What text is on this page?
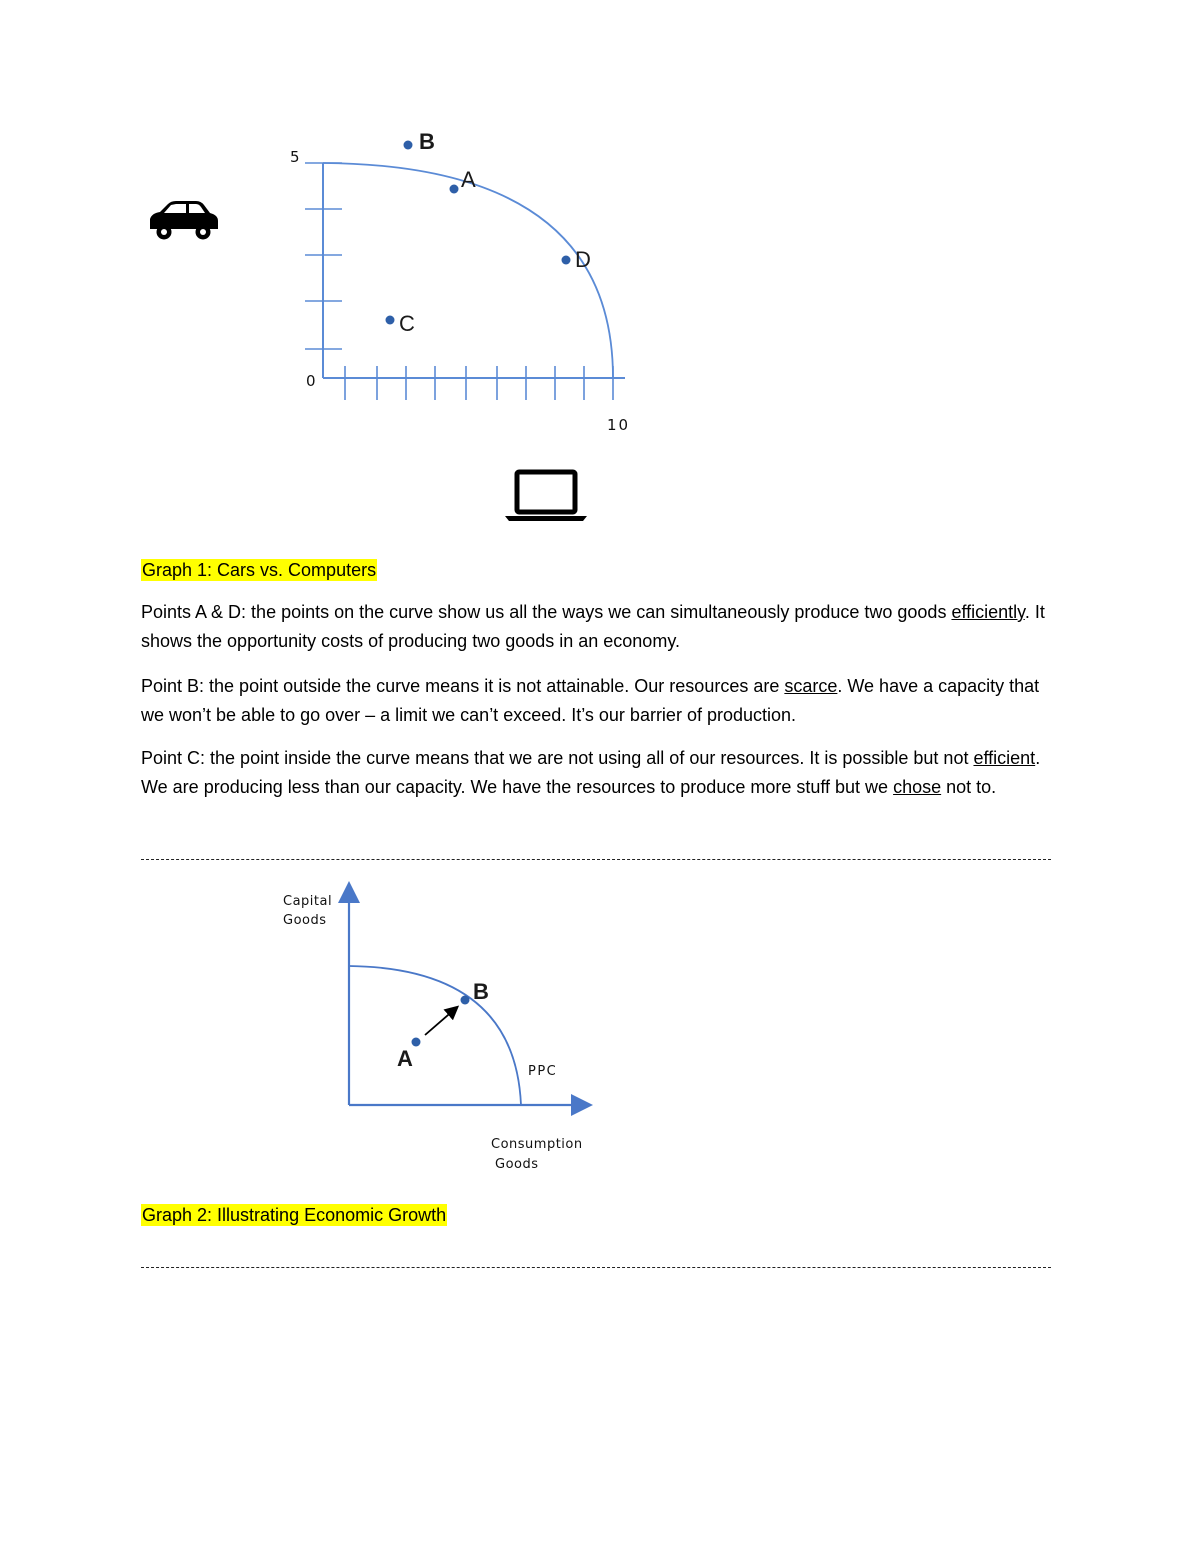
B
A
D
C
5
0
10
Graph 1: Cars vs. Computers

Points A & D: the points on the curve show us all the ways we can simultaneously produce two goods efficiently. It shows the opportunity costs of producing two goods in an economy.

Point B: the point outside the curve means it is not attainable. Our resources are scarce. We have a capacity that we won’t be able to go over – a limit we can’t exceed. It’s our barrier of production.

Point C: the point inside the curve means that we are not using all of our resources. It is possible but not efficient. We are producing less than our capacity. We have the resources to produce more stuff but we chose not to.

B
A
Capital
Goods
PPC
Consumption
Goods
Graph 2: Illustrating Economic Growth
